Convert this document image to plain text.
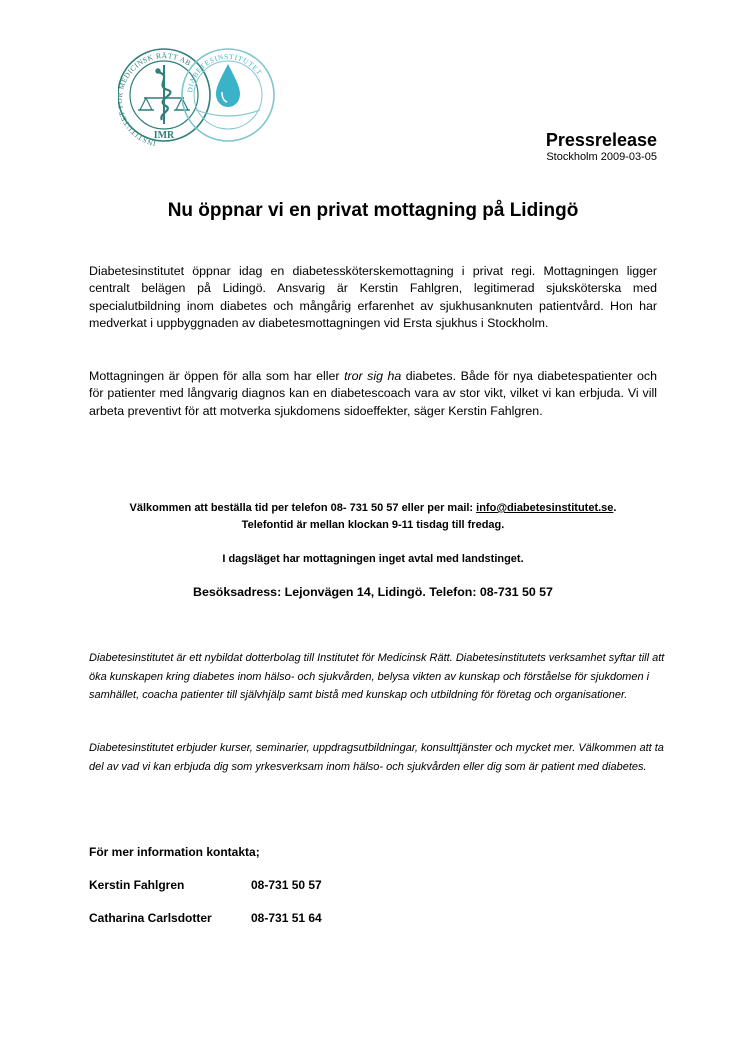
INSTITUTE EDICINSK RÄTT AB
IMR
DIABETESINSTITUTET
Pressrelease
Stockholm 2009-03-05
Nu öppnar vi en privat mottagning på Lidingö
Diabetesinstitutet öppnar idag en diabetessköterskemottagning i privat regi. Mottagningen ligger centralt belägen på Lidingö. Ansvarig är Kerstin Fahlgren, legitimerad sjuksköterska med specialutbildning inom diabetes och mångårig erfarenhet av sjukhusanknuten patientvård. Hon har medverkat i uppbyggnaden av diabetesmottagningen vid Ersta sjukhus i Stockholm.
Mottagningen är öppen för alla som har eller tror sig ha diabetes. Både för nya diabetespatienter och för patienter med långvarig diagnos kan en diabetescoach vara av stor vikt, vilket vi kan erbjuda. Vi vill arbeta preventivt för att motverka sjukdomens sidoeffekter, säger Kerstin Fahlgren.
Välkommen att beställa tid per telefon 08- 731 50 57 eller per mail: info@diabetesinstitutet.se.
Telefontid är mellan klockan 9-11 tisdag till fredag.
I dagsläget har mottagningen inget avtal med landstinget.
Besöksadress: Lejonvägen 14, Lidingö. Telefon: 08-731 50 57
Diabetesinstitutet är ett nybildat dotterbolag till Institutet för Medicinsk Rätt. Diabetesinstitutets verksamhet syftar till att öka kunskapen kring diabetes inom hälso- och sjukvården, belysa vikten av kunskap och förståelse för sjukdomen i samhället, coacha patienter till självhjälp samt bistå med kunskap och utbildning för företag och organisationer.
Diabetesinstitutet erbjuder kurser, seminarier, uppdragsutbildningar, konsulttjänster och mycket mer. Välkommen att ta del av vad vi kan erbjuda dig som yrkesverksam inom hälso- och sjukvården eller dig som är patient med diabetes.
För mer information kontakta;
Kerstin Fahlgren	08-731 50 57
Catharina Carlsdotter	08-731 51 64
